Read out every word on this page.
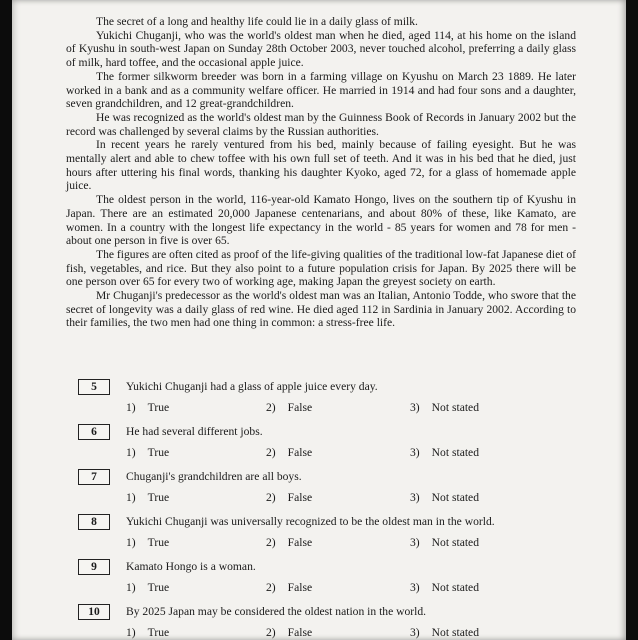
The secret of a long and healthy life could lie in a daily glass of milk.

Yukichi Chuganji, who was the world's oldest man when he died, aged 114, at his home on the island of Kyushu in south-west Japan on Sunday 28th October 2003, never touched alcohol, preferring a daily glass of milk, hard toffee, and the occasional apple juice.

The former silkworm breeder was born in a farming village on Kyushu on March 23 1889. He later worked in a bank and as a community welfare officer. He married in 1914 and had four sons and a daughter, seven grandchildren, and 12 great-grandchildren.

He was recognized as the world's oldest man by the Guinness Book of Records in January 2002 but the record was challenged by several claims by the Russian authorities.

In recent years he rarely ventured from his bed, mainly because of failing eyesight. But he was mentally alert and able to chew toffee with his own full set of teeth. And it was in his bed that he died, just hours after uttering his final words, thanking his daughter Kyoko, aged 72, for a glass of homemade apple juice.

The oldest person in the world, 116-year-old Kamato Hongo, lives on the southern tip of Kyushu in Japan. There are an estimated 20,000 Japanese centenarians, and about 80% of these, like Kamato, are women. In a country with the longest life expectancy in the world - 85 years for women and 78 for men - about one person in five is over 65.

The figures are often cited as proof of the life-giving qualities of the traditional low-fat Japanese diet of fish, vegetables, and rice. But they also point to a future population crisis for Japan. By 2025 there will be one person over 65 for every two of working age, making Japan the greyest society on earth.

Mr Chuganji's predecessor as the world's oldest man was an Italian, Antonio Todde, who swore that the secret of longevity was a daily glass of red wine. He died aged 112 in Sardinia in January 2002. According to their families, the two men had one thing in common: a stress-free life.

5	Yukichi Chuganji had a glass of apple juice every day.
1) True	2) False	3) Not stated
6	He had several different jobs.
1) True	2) False	3) Not stated
7	Chuganji's grandchildren are all boys.
1) True	2) False	3) Not stated
8	Yukichi Chuganji was universally recognized to be the oldest man in the world.
1) True	2) False	3) Not stated
9	Kamato Hongo is a woman.
1) True	2) False	3) Not stated
10	By 2025 Japan may be considered the oldest nation in the world.
1) True	2) False	3) Not stated
